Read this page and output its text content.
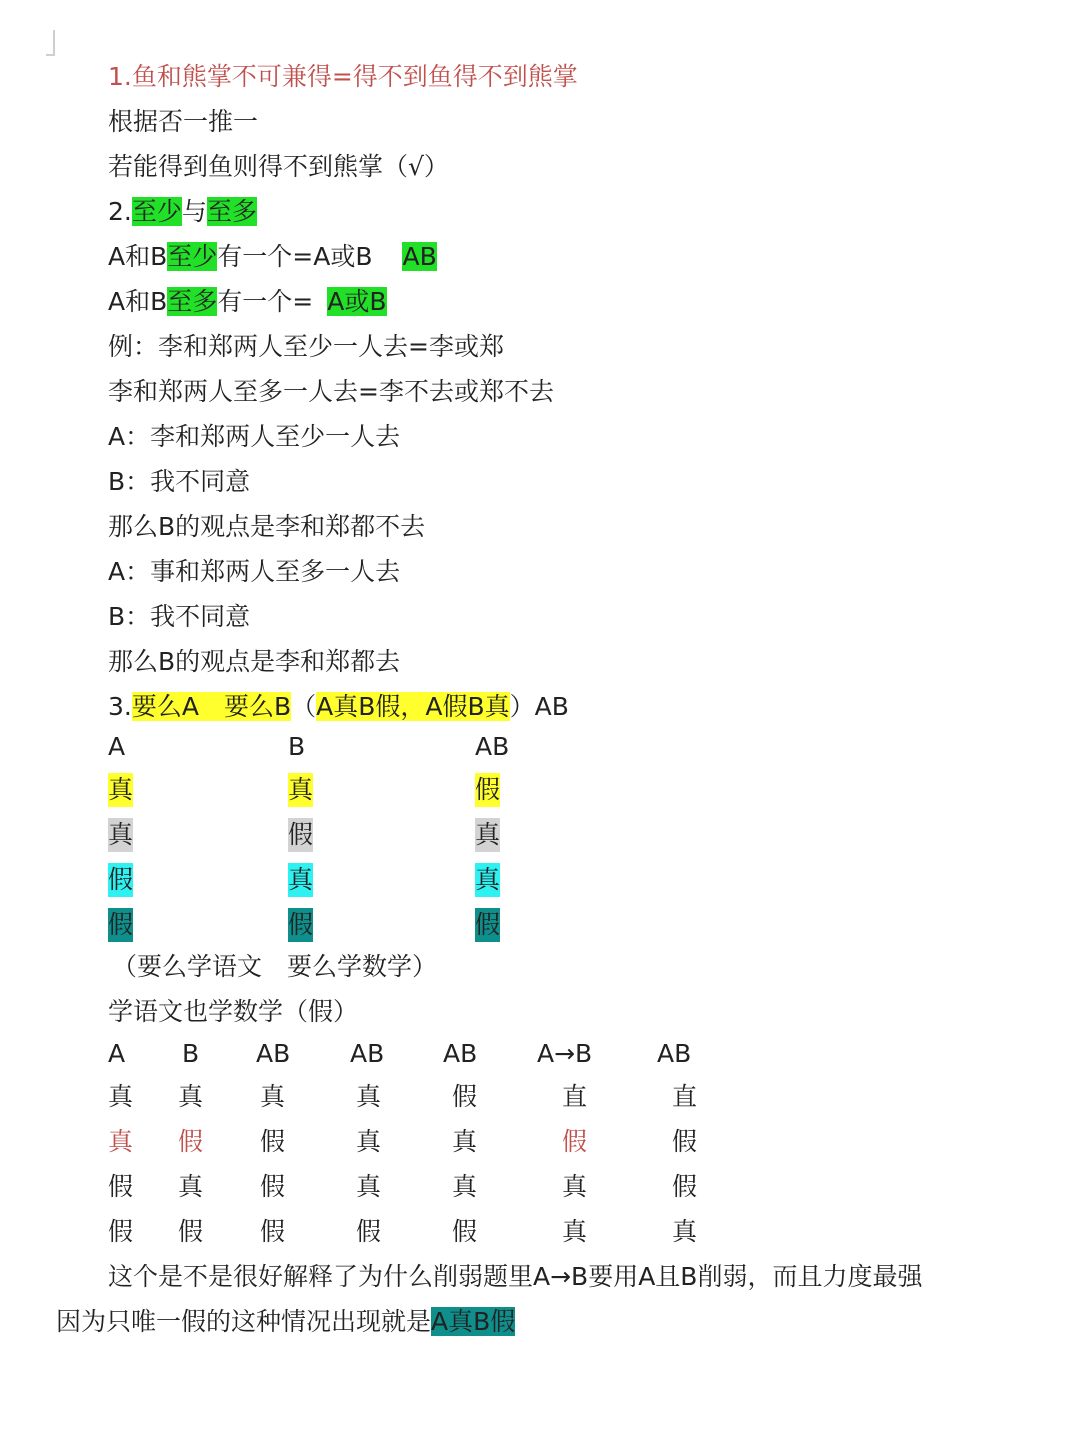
1.鱼和熊掌不可兼得=得不到鱼得不到熊掌
根据否一推一
若能得到鱼则得不到熊掌（√）
2.至少与至多
A和B至少有一个=A或B AB
A和B至多有一个= A或B
例：李和郑两人至少一人去=李或郑
李和郑两人至多一人去=李不去或郑不去
A：李和郑两人至少一人去
B：我不同意
那么B的观点是李和郑都不去
A：事和郑两人至多一人去
B：我不同意
那么B的观点是李和郑都去
3.要么A　要么B（A真B假，A假B真）AB
A	B	AB
真	真	假
真	假	真
假	真	真
假	假	假
（要么学语文　要么学数学）
学语文也学数学（假）
A B AB AB AB A→B	AB
真 真 真	真	假	直	直
真 假 假	真	真	假	假
假 真 假	真	真	真	假
假 假 假	假	假	真	真
这个是不是很好解释了为什么削弱题里A→B要用A且B削弱，而且力度最强
因为只唯一假的这种情况出现就是A真B假
